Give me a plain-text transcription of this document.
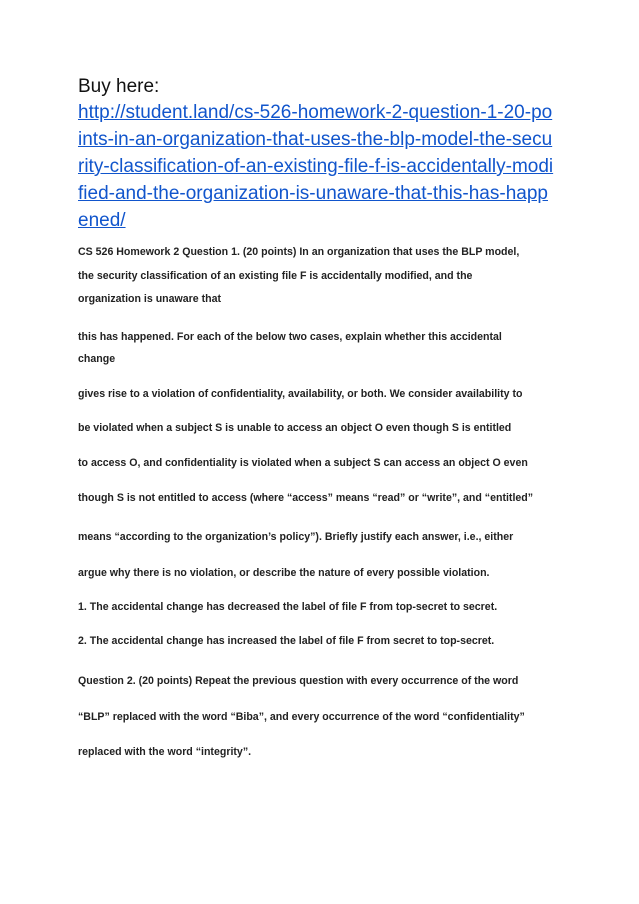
Buy here:
http://student.land/cs-526-homework-2-question-1-20-po
ints-in-an-organization-that-uses-the-blp-model-the-secu
rity-classification-of-an-existing-file-f-is-accidentally-modi
fied-and-the-organization-is-unaware-that-this-has-happ
ened/
CS 526 Homework 2 Question 1. (20 points) In an organization that uses the BLP model,
the security classification of an existing file F is accidentally modified, and the
organization is unaware that
this has happened. For each of the below two cases, explain whether this accidental
change
gives rise to a violation of confidentiality, availability, or both. We consider availability to
be violated when a subject S is unable to access an object O even though S is entitled
to access O, and confidentiality is violated when a subject S can access an object O even
though S is not entitled to access (where “access” means “read” or “write”, and “entitled”
means “according to the organization’s policy”). Briefly justify each answer, i.e., either
argue why there is no violation, or describe the nature of every possible violation.
1. The accidental change has decreased the label of file F from top-secret to secret.
2. The accidental change has increased the label of file F from secret to top-secret.
Question 2. (20 points) Repeat the previous question with every occurrence of the word
“BLP” replaced with the word “Biba”, and every occurrence of the word “confidentiality”
replaced with the word “integrity”.
